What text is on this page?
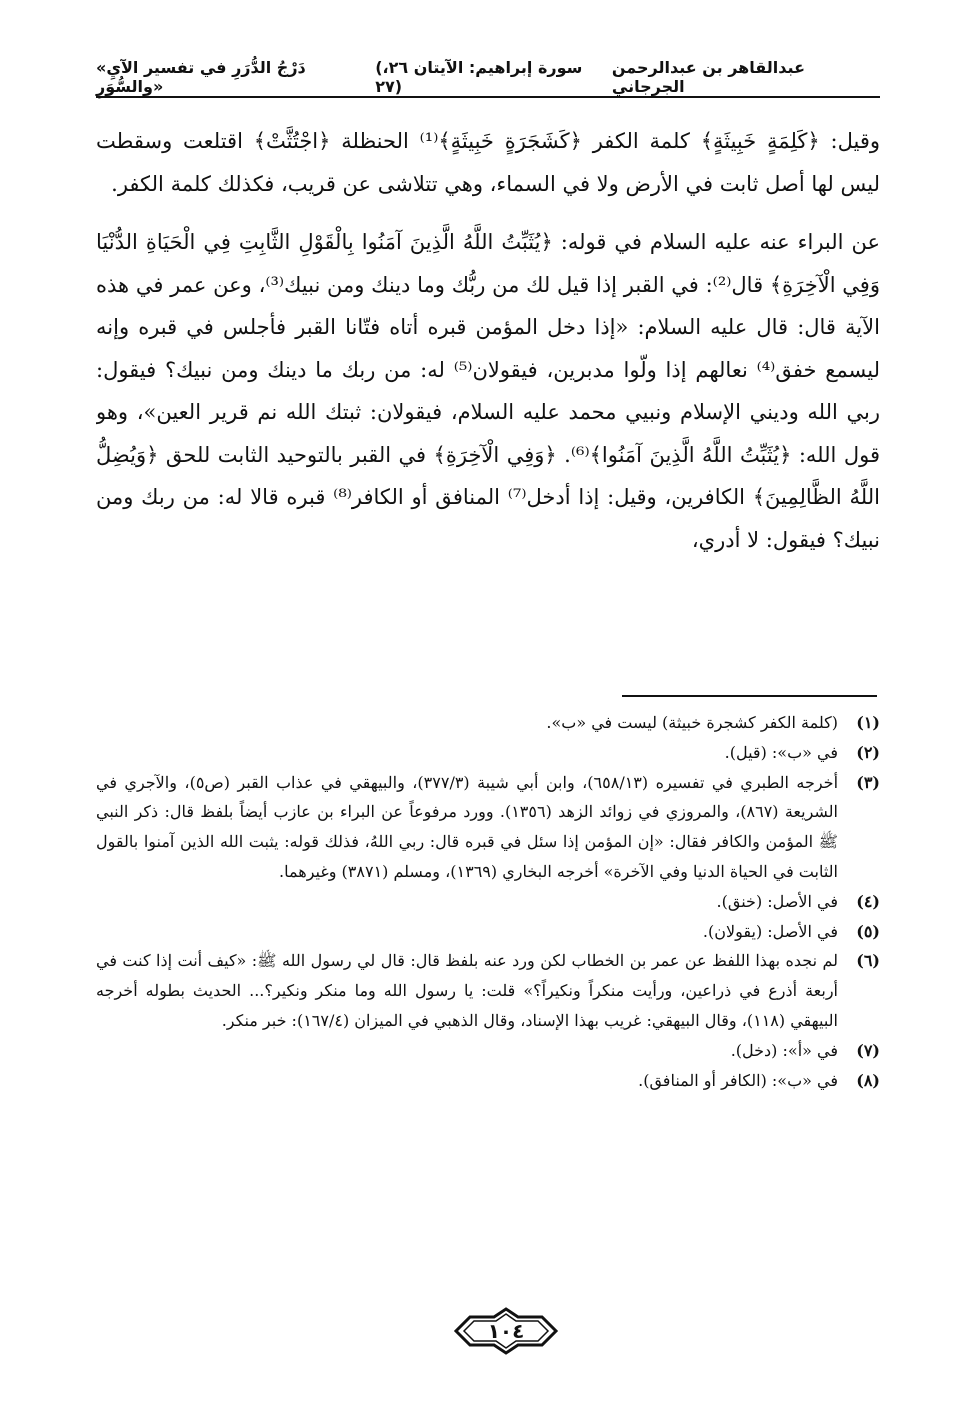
«دَرْجُ الدُّرَرِ في تفسير الآيِ والسُّوَرِ»
(سورة إبراهيم: الآيتان ٢٦، ٢٧)
عبدالقاهر بن عبدالرحمن الجرجاني

وقيل: ﴿كَلِمَةٍ خَبِيثَةٍ﴾ كلمة الكفر ﴿كَشَجَرَةٍ خَبِيثَةٍ﴾⁽¹⁾ الحنظلة ﴿اجْتُثَّتْ﴾ اقتلعت وسقطت ليس لها أصل ثابت في الأرض ولا في السماء، وهي تتلاشى عن قريب، فكذلك كلمة الكفر.

عن البراء عنه عليه السلام في قوله: ﴿يُثَبِّتُ اللَّهُ الَّذِينَ آمَنُوا بِالْقَوْلِ الثَّابِتِ فِي الْحَيَاةِ الدُّنْيَا وَفِي الْآخِرَةِ﴾ قال⁽²⁾: في القبر إذا قيل لك من ربُّك وما دينك ومن نبيك⁽³⁾، وعن عمر في هذه الآية قال: قال عليه السلام: «إذا دخل المؤمن قبره أتاه فتّانا القبر فأجلس في قبره وإنه ليسمع خفق⁽⁴⁾ نعالهم إذا ولّوا مدبرين، فيقولان⁽⁵⁾ له: من ربك ما دينك ومن نبيك؟ فيقول: ربي الله وديني الإسلام ونبيي محمد عليه السلام، فيقولان: ثبتك الله نم قرير العين»، وهو قول الله: ﴿يُثَبِّتُ اللَّهُ الَّذِينَ آمَنُوا﴾⁽⁶⁾. ﴿وَفِي الْآخِرَةِ﴾ في القبر بالتوحيد الثابت للحق ﴿وَيُضِلُّ اللَّهُ الظَّالِمِينَ﴾ الكافرين، وقيل: إذا أدخل⁽⁷⁾ المنافق أو الكافر⁽⁸⁾ قبره قالا له: من ربك ومن نبيك؟ فيقول: لا أدري،

(١)
(كلمة الكفر كشجرة خبيثة) ليست في «ب».
(٢)
في «ب»: (قيل).
(٣)
أخرجه الطبري في تفسيره (٦٥٨/١٣)، وابن أبي شيبة (٣٧٧/٣)، والبيهقي في عذاب القبر (ص٥)، والآجري في الشريعة (٨٦٧)، والمروزي في زوائد الزهد (١٣٥٦). وورد مرفوعاً عن البراء بن عازب أيضاً بلفظ قال: ذكر النبي ﷺ المؤمن والكافر فقال: «إن المؤمن إذا سئل في قبره قال: ربي اللهُ، فذلك قوله: يثبت الله الذين آمنوا بالقول الثابت في الحياة الدنيا وفي الآخرة» أخرجه البخاري (١٣٦٩)، ومسلم (٣٨٧١) وغيرهما.
(٤)
في الأصل: (خنق).
(٥)
في الأصل: (يقولان).
(٦)
لم نجده بهذا اللفظ عن عمر بن الخطاب لكن ورد عنه بلفظ قال: قال لي رسول الله ﷺ: «كيف أنت إذا كنت في أربعة أذرع في ذراعين، ورأيت منكراً ونكيراً؟» قلت: يا رسول الله وما منكر ونكير؟... الحديث بطوله أخرجه البيهقي (١١٨)، وقال البيهقي: غريب بهذا الإسناد، وقال الذهبي في الميزان (١٦٧/٤): خبر منكر.
(٧)
في «أ»: (دخل).
(٨)
في «ب»: (الكافر أو المنافق).
١٠٤
